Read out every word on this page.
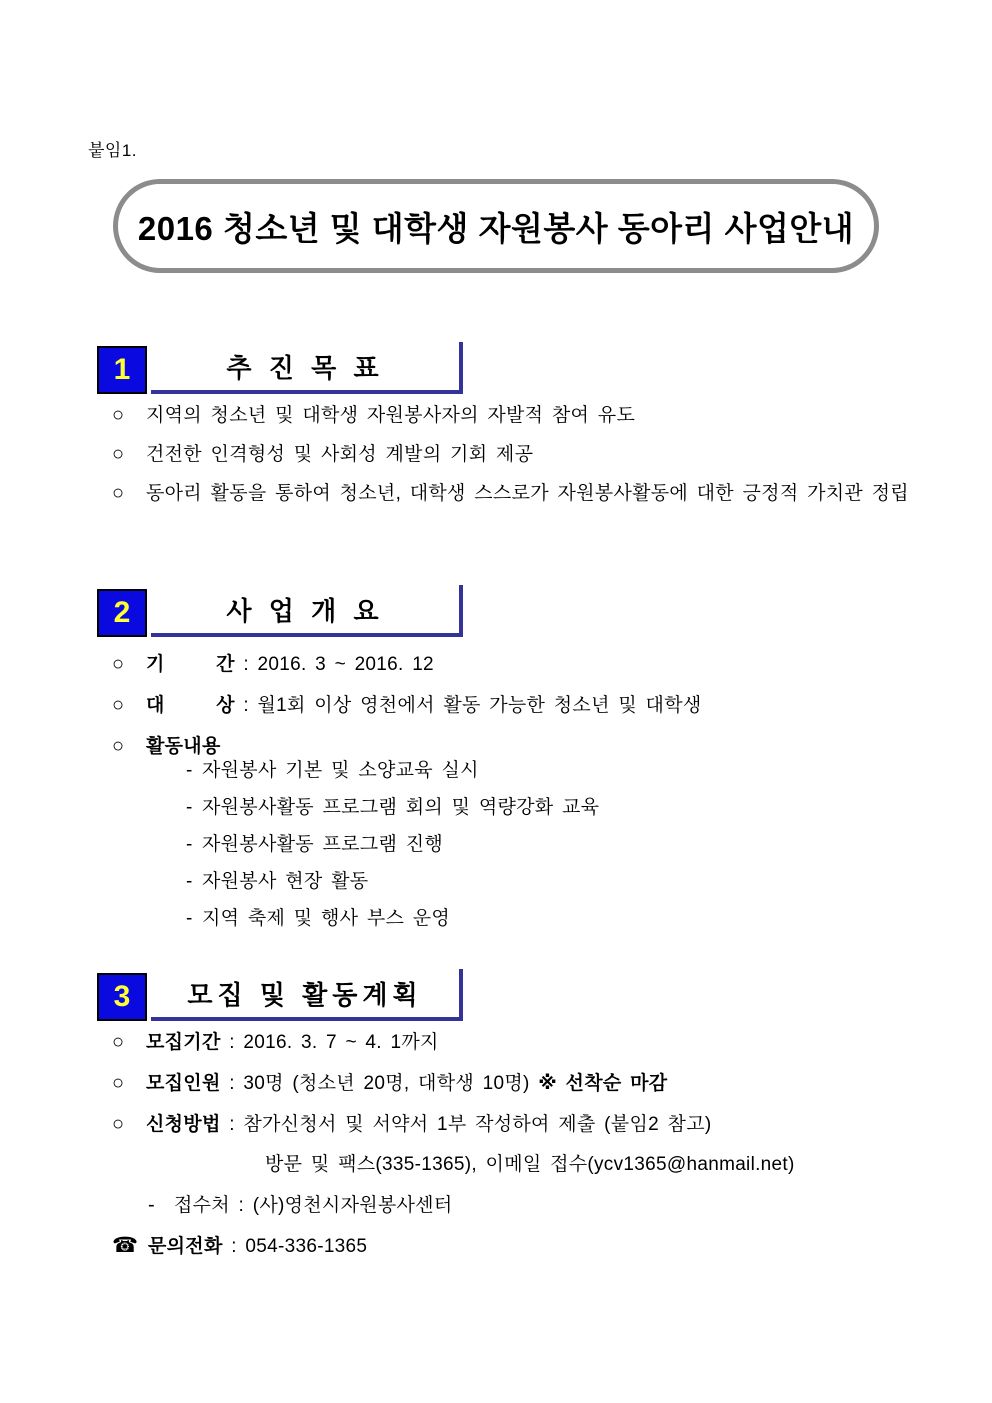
붙임1.
2016 청소년 및 대학생 자원봉사 동아리 사업안내
1	추 진 목 표
○	지역의 청소년 및 대학생 자원봉사자의 자발적 참여 유도
○	건전한 인격형성 및 사회성 계발의 기회 제공
○	동아리 활동을 통하여 청소년, 대학생 스스로가 자원봉사활동에 대한 긍정적 가치관 정립
2	사 업 개 요
○	기      간 : 2016. 3 ~ 2016. 12
○	대      상 : 월1회 이상 영천에서 활동 가능한 청소년 및 대학생
○	활동내용
- 자원봉사 기본 및 소양교육 실시
- 자원봉사활동 프로그램 회의 및 역량강화 교육
- 자원봉사활동 프로그램 진행
- 자원봉사 현장 활동
- 지역 축제 및 행사 부스 운영
3	모집 및 활동계획
○	모집기간 : 2016. 3. 7 ~ 4. 1까지
○	모집인원 : 30명 (청소년 20명, 대학생 10명) ※ 선착순 마감
○	신청방법 : 참가신청서 및 서약서 1부 작성하여 제출 (붙임2 참고)
방문 및 팩스(335-1365), 이메일 접수(ycv1365@hanmail.net)
-	접수처 : (사)영천시자원봉사센터
☎ 문의전화 : 054-336-1365
